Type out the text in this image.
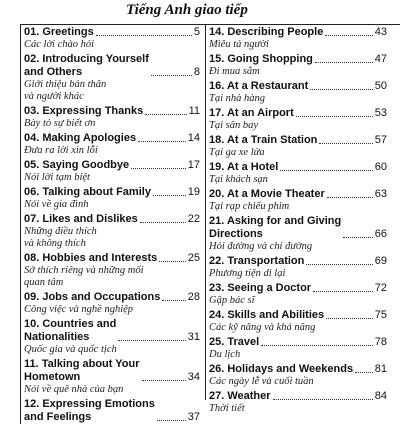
Tiếng Anh giao tiếp
01. Greetings	5
Các lời chào hỏi
02. Introducing Yourself
and Others	8
Giới thiệu bản thân
và người khác
03. Expressing Thanks	11
Bày tỏ sự biết ơn
04. Making Apologies	14
Đưa ra lời xin lỗi
05. Saying Goodbye	17
Nói lời tạm biệt
06. Talking about Family	19
Nói về gia đình
07. Likes and Dislikes	22
Những điều thích
và không thích
08. Hobbies and Interests	25
Sở thích riêng và những mối
quan tâm
09. Jobs and Occupations 28
Công việc và nghề nghiệp
10. Countries and
Nationalities	31
Quốc gia và quốc tịch
11. Talking about Your
Hometown	34
Nói về quê nhà của bạn
12. Expressing Emotions
and Feelings	37
14. Describing People	43
Miêu tả người
15. Going Shopping	47
Đi mua sắm
16. At a Restaurant	50
Tại nhà hàng
17. At an Airport	53
Tại sân bay
18. At a Train Station	57
Tại ga xe lửa
19. At a Hotel	60
Tại khách sạn
20. At a Movie Theater	63
Tại rạp chiếu phim
21. Asking for and Giving
Directions	66
Hỏi đường và chỉ đường
22. Transportation	69
Phương tiện di lại
23. Seeing a Doctor	72
Gặp bác sĩ
24. Skills and Abilities	75
Các kỹ năng và khả năng
25. Travel	78
Du lịch
26. Holidays and Weekends 81
Các ngày lễ và cuối tuần
27. Weather	84
Thời tiết
